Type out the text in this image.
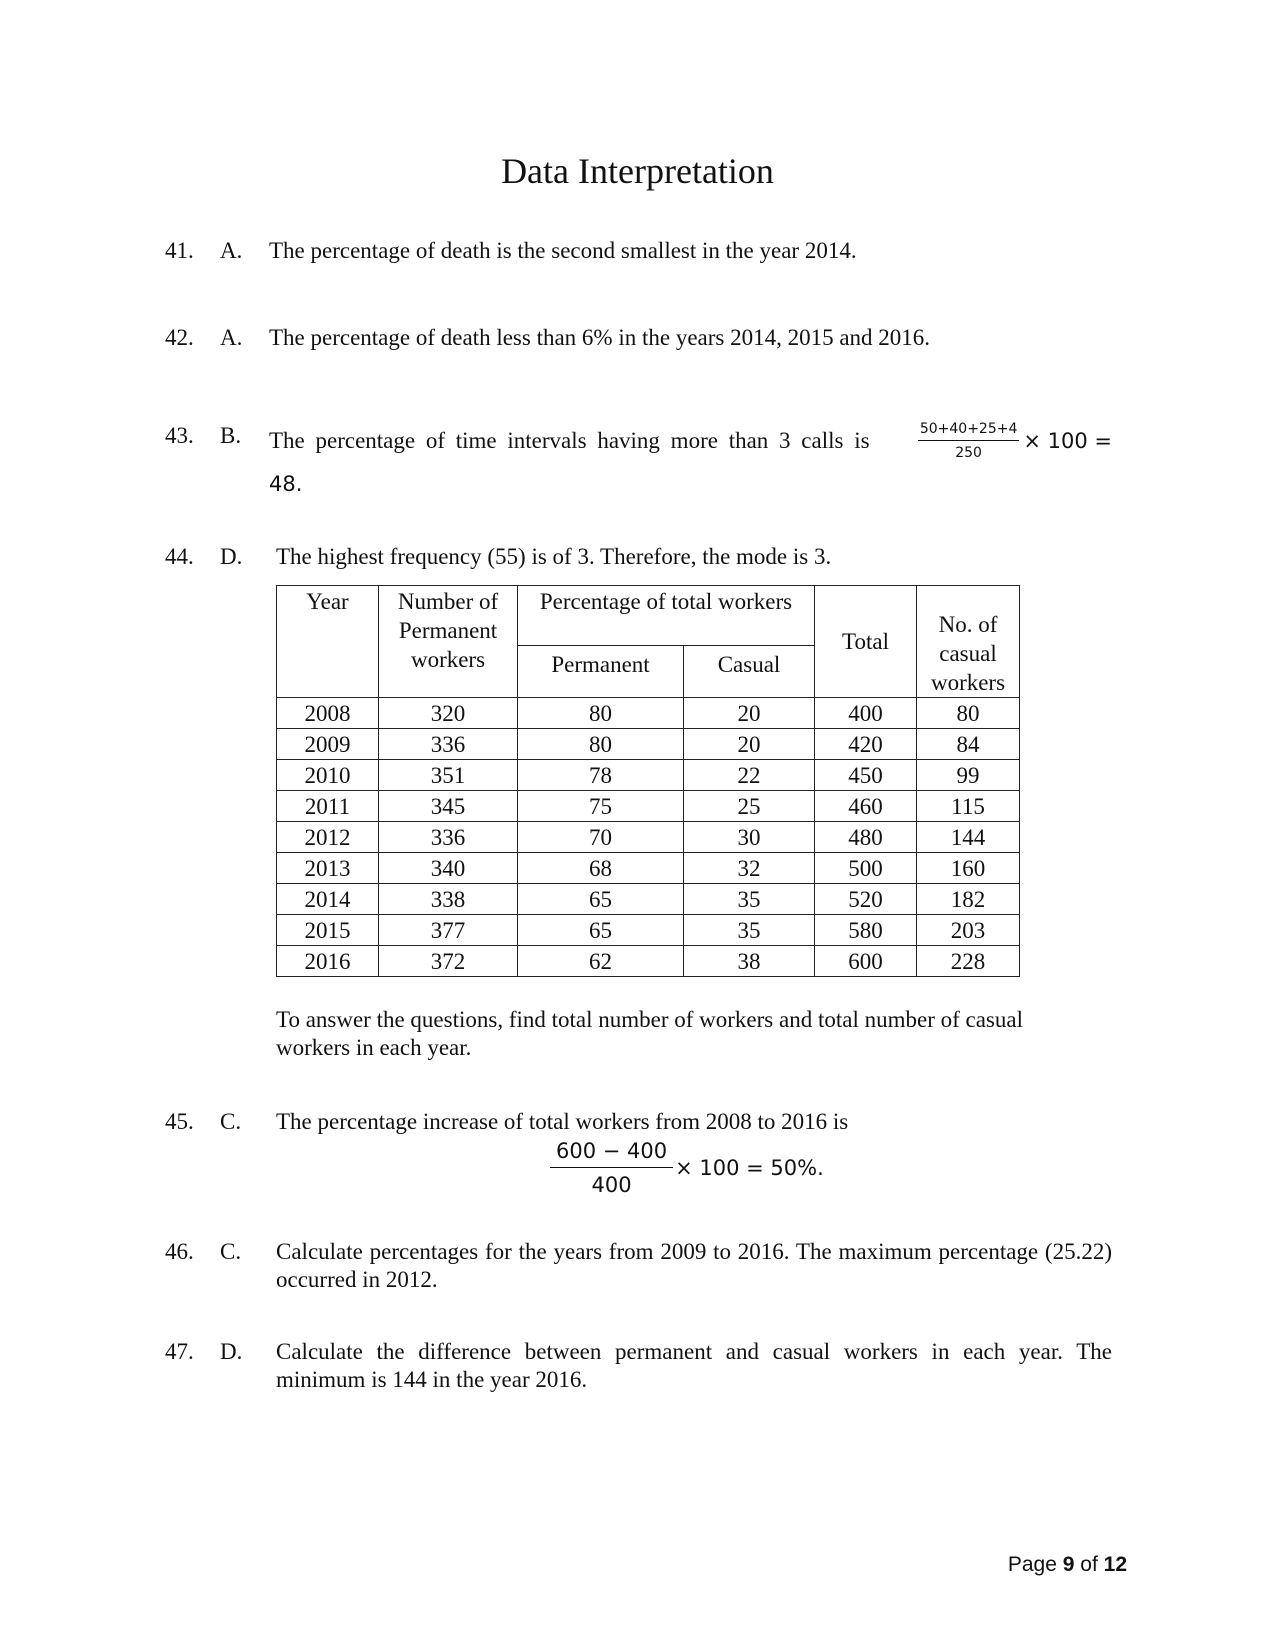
Data Interpretation
41. A. The percentage of death is the second smallest in the year 2014.
42. A. The percentage of death less than 6% in the years 2014, 2015 and 2016.
43. B. The percentage of time intervals having more than 3 calls is	$\frac{50+40+25+4}{250} \times 100$ =
48.
44. D. The highest frequency (55) is of 3. Therefore, the mode is 3.
Year	Number of Permanent workers	Percentage of total workers		Total	No. of casual workers
		Permanent	Casual		
2008	320	80	20	400	80
2009	336	80	20	420	84
2010	351	78	22	450	99
2011	345	75	25	460	115
2012	336	70	30	480	144
2013	340	68	32	500	160
2014	338	65	35	520	182
2015	377	65	35	580	203
2016	372	62	38	600	228
To answer the questions, find total number of workers and total number of casual workers in each year.
45. C. The percentage increase of total workers from 2008 to 2016 is
$\frac{600 - 400}{400} \times 100 = 50\%$.
46. C. Calculate percentages for the years from 2009 to 2016. The maximum percentage (25.22) occurred in 2012.
47. D. Calculate the difference between permanent and casual workers in each year. The minimum is 144 in the year 2016.
Page 9 of 12
